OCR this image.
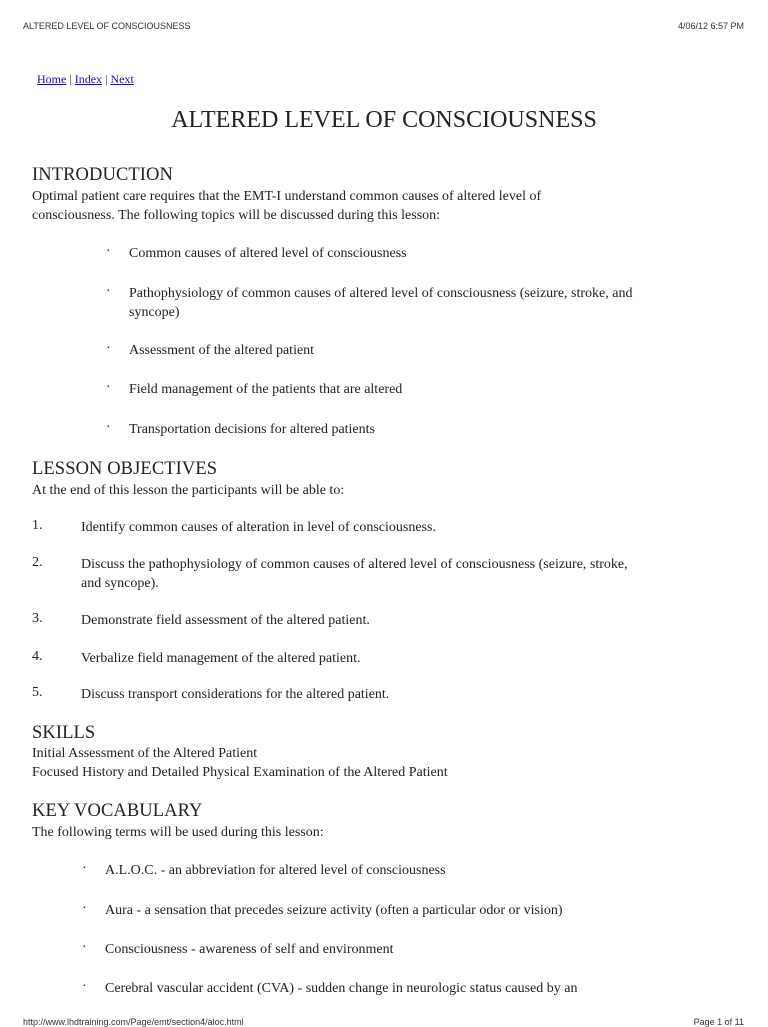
ALTERED LEVEL OF CONSCIOUSNESS	4/06/12 6:57 PM
Home | Index | Next
ALTERED LEVEL OF CONSCIOUSNESS
INTRODUCTION
Optimal patient care requires that the EMT-I understand common causes of altered level of
consciousness. The following topics will be discussed during this lesson:
· Common causes of altered level of consciousness
· Pathophysiology of common causes of altered level of consciousness (seizure, stroke, and
syncope)
· Assessment of the altered patient
· Field management of the patients that are altered
· Transportation decisions for altered patients
LESSON OBJECTIVES
At the end of this lesson the participants will be able to:
1.	Identify common causes of alteration in level of consciousness.
2.	Discuss the pathophysiology of common causes of altered level of consciousness (seizure, stroke,
and syncope).
3.	Demonstrate field assessment of the altered patient.
4.	Verbalize field management of the altered patient.
5.	Discuss transport considerations for the altered patient.
SKILLS
Initial Assessment of the Altered Patient
Focused History and Detailed Physical Examination of the Altered Patient
KEY VOCABULARY
The following terms will be used during this lesson:
· A.L.O.C. - an abbreviation for altered level of consciousness
· Aura - a sensation that precedes seizure activity (often a particular odor or vision)
· Consciousness - awareness of self and environment
· Cerebral vascular accident (CVA) - sudden change in neurologic status caused by an
http://www.lhdtraining.com/Page/emt/section4/aloc.html	Page 1 of 11
